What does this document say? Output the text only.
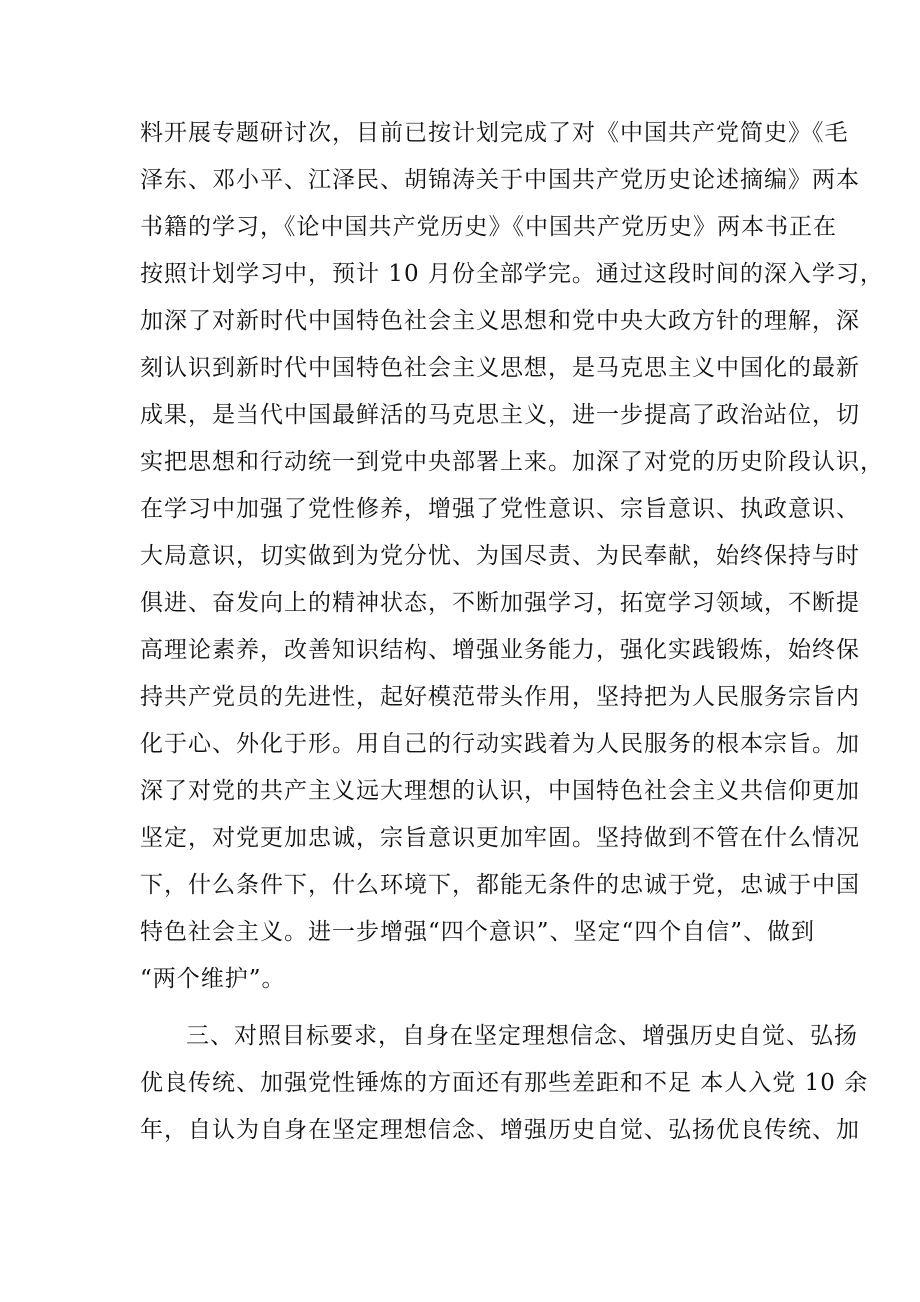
料开展专题研讨次，目前已按计划完成了对《中国共产党简史》《毛
泽东、邓小平、江泽民、胡锦涛关于中国共产党历史论述摘编》两本
书籍的学习，《论中国共产党历史》《中国共产党历史》两本书正在
按照计划学习中，预计 10 月份全部学完。通过这段时间的深入学习，
加深了对新时代中国特色社会主义思想和党中央大政方针的理解，深
刻认识到新时代中国特色社会主义思想，是马克思主义中国化的最新
成果，是当代中国最鲜活的马克思主义，进一步提高了政治站位，切
实把思想和行动统一到党中央部署上来。加深了对党的历史阶段认识，
在学习中加强了党性修养，增强了党性意识、宗旨意识、执政意识、
大局意识，切实做到为党分忧、为国尽责、为民奉献，始终保持与时
俱进、奋发向上的精神状态，不断加强学习，拓宽学习领域，不断提
高理论素养，改善知识结构、增强业务能力，强化实践锻炼，始终保
持共产党员的先进性，起好模范带头作用，坚持把为人民服务宗旨内
化于心、外化于形。用自己的行动实践着为人民服务的根本宗旨。加
深了对党的共产主义远大理想的认识，中国特色社会主义共信仰更加
坚定，对党更加忠诚，宗旨意识更加牢固。坚持做到不管在什么情况
下，什么条件下，什么环境下，都能无条件的忠诚于党，忠诚于中国
特色社会主义。进一步增强“四个意识”、坚定“四个自信”、做到
“两个维护”。
三、对照目标要求，自身在坚定理想信念、增强历史自觉、弘扬
优良传统、加强党性锤炼的方面还有那些差距和不足 本人入党 10 余
年，自认为自身在坚定理想信念、增强历史自觉、弘扬优良传统、加
